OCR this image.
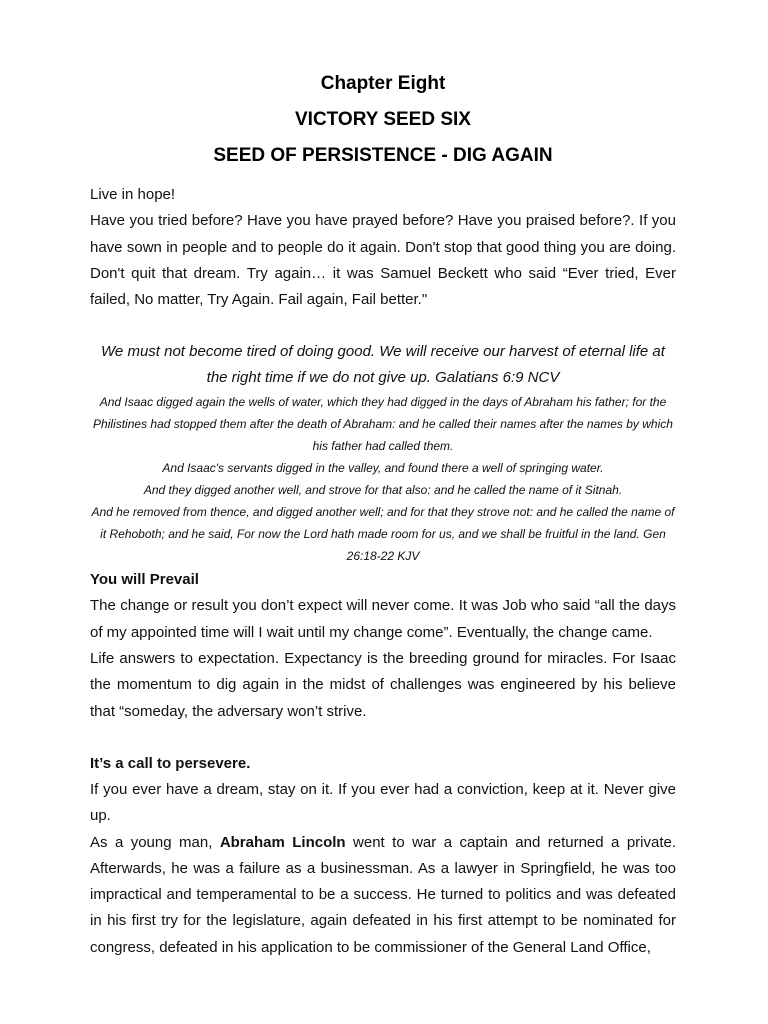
Chapter Eight
VICTORY SEED SIX
SEED OF PERSISTENCE - DIG AGAIN

Live in hope!

Have you tried before? Have you have prayed before? Have you praised before?. If you have sown in people and to people do it again. Don't stop that good thing you are doing. Don't quit that dream. Try again… it was Samuel Beckett who said “Ever tried, Ever failed, No matter, Try Again. Fail again, Fail better."

We must not become tired of doing good. We will receive our harvest of eternal life at the right time if we do not give up. Galatians 6:9 NCV

And Isaac digged again the wells of water, which they had digged in the days of Abraham his father; for the Philistines had stopped them after the death of Abraham: and he called their names after the names by which his father had called them.

And Isaac's servants digged in the valley, and found there a well of springing water.

And they digged another well, and strove for that also: and he called the name of it Sitnah.

And he removed from thence, and digged another well; and for that they strove not: and he called the name of it Rehoboth; and he said, For now the Lord hath made room for us, and we shall be fruitful in the land. Gen 26:18-22 KJV

You will Prevail

The change or result you don’t expect will never come. It was Job who said “all the days of my appointed time will I wait until my change come”. Eventually, the change came.

Life answers to expectation. Expectancy is the breeding ground for miracles. For Isaac the momentum to dig again in the midst of challenges was engineered by his believe that “someday, the adversary won’t strive.

It’s a call to persevere.

If you ever have a dream, stay on it. If you ever had a conviction, keep at it. Never give up.

As a young man, Abraham Lincoln went to war a captain and returned a private. Afterwards, he was a failure as a businessman. As a lawyer in Springfield, he was too impractical and temperamental to be a success. He turned to politics and was defeated in his first try for the legislature, again defeated in his first attempt to be nominated for congress, defeated in his application to be commissioner of the General Land Office,
